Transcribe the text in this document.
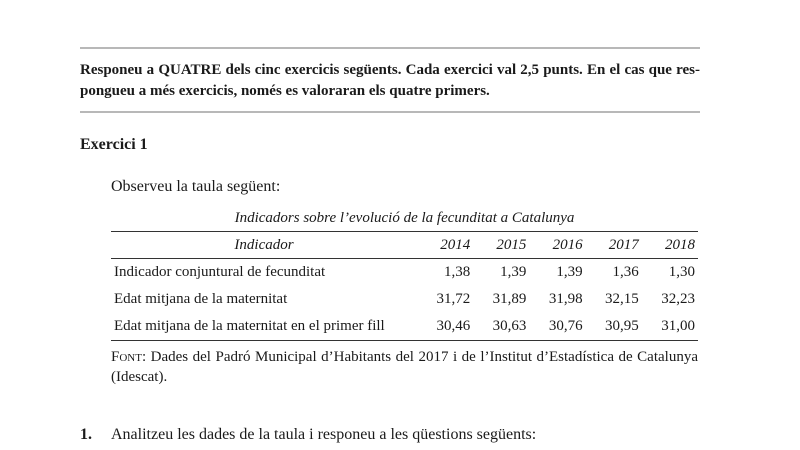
Responeu a QUATRE dels cinc exercicis següents. Cada exercici val 2,5 punts. En el cas que res-pongueu a més exercicis, només es valoraran els quatre primers.
Exercici 1
Observeu la taula següent:
Indicadors sobre l’evolució de la fecunditat a Catalunya
Indicador	2014	2015	2016	2017	2018
Indicador conjuntural de fecunditat	1,38	1,39	1,39	1,36	1,30
Edat mitjana de la maternitat	31,72	31,89	31,98	32,15	32,23
Edat mitjana de la maternitat en el primer fill	30,46	30,63	30,76	30,95	31,00
Font: Dades del Padró Municipal d’Habitants del 2017 i de l’Institut d’Estadística de Catalunya (Idescat).
1. Analitzeu les dades de la taula i responeu a les qüestions següents:
